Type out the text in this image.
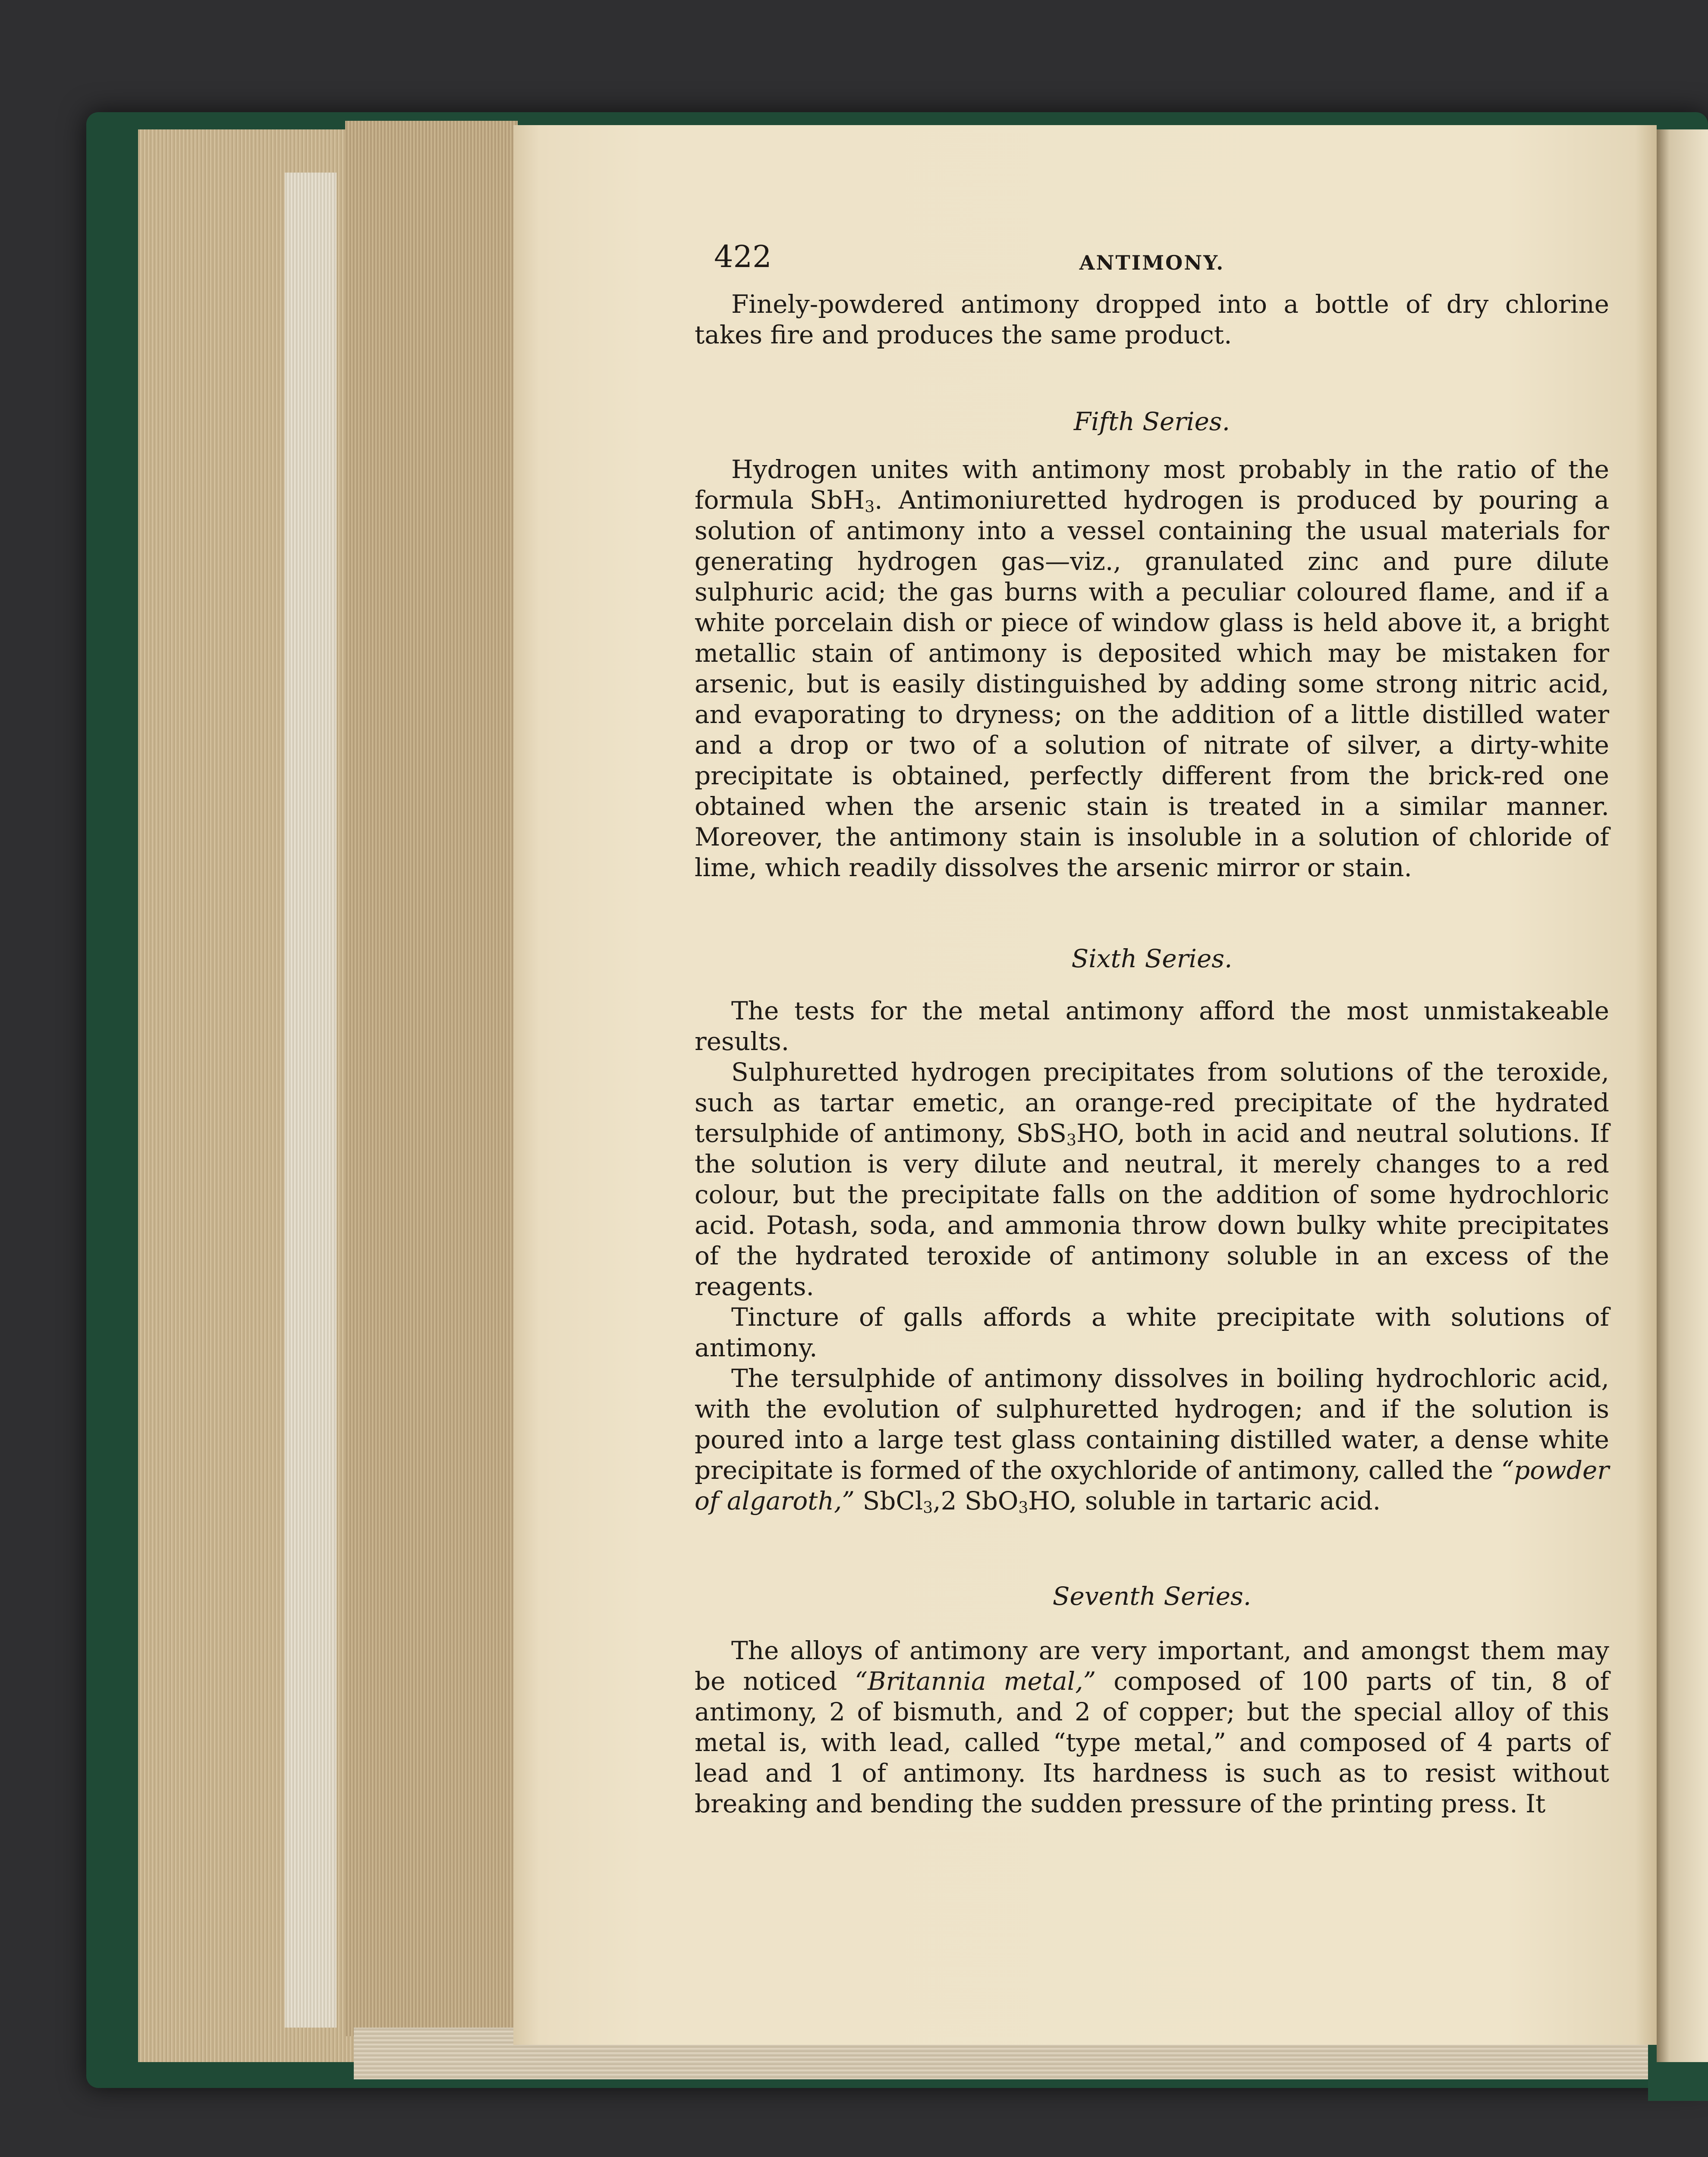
422	ANTIMONY.

Finely-powdered antimony dropped into a bottle of dry chlorine takes fire and produces the same product.

Fifth Series.

Hydrogen unites with antimony most probably in the ratio of the formula SbH$_3$. Antimoniuretted hydrogen is produced by pouring a solution of antimony into a vessel containing the usual materials for generating hydrogen gas—viz., granulated zinc and pure dilute sulphuric acid; the gas burns with a peculiar coloured flame, and if a white porcelain dish or piece of window glass is held above it, a bright metallic stain of antimony is deposited which may be mistaken for arsenic, but is easily distinguished by adding some strong nitric acid, and evaporating to dryness; on the addition of a little distilled water and a drop or two of a solution of nitrate of silver, a dirty-white precipitate is obtained, perfectly different from the brick-red one obtained when the arsenic stain is treated in a similar manner. Moreover, the antimony stain is insoluble in a solution of chloride of lime, which readily dissolves the arsenic mirror or stain.

Sixth Series.

The tests for the metal antimony afford the most unmistakeable results.

Sulphuretted hydrogen precipitates from solutions of the teroxide, such as tartar emetic, an orange-red precipitate of the hydrated tersulphide of antimony, SbS$_3$HO, both in acid and neutral solutions. If the solution is very dilute and neutral, it merely changes to a red colour, but the precipitate falls on the addition of some hydrochloric acid. Potash, soda, and ammonia throw down bulky white precipitates of the hydrated teroxide of antimony soluble in an excess of the reagents.

Tincture of galls affords a white precipitate with solutions of antimony.

The tersulphide of antimony dissolves in boiling hydrochloric acid, with the evolution of sulphuretted hydrogen; and if the solution is poured into a large test glass containing distilled water, a dense white precipitate is formed of the oxychloride of antimony, called the “powder of algaroth,” SbCl$_3$,2 SbO$_3$HO, soluble in tartaric acid.

Seventh Series.

The alloys of antimony are very important, and amongst them may be noticed “Britannia metal,” composed of 100 parts of tin, 8 of antimony, 2 of bismuth, and 2 of copper; but the special alloy of this metal is, with lead, called “type metal,” and composed of 4 parts of lead and 1 of antimony. Its hardness is such as to resist without breaking and bending the sudden pressure of the printing press. It
